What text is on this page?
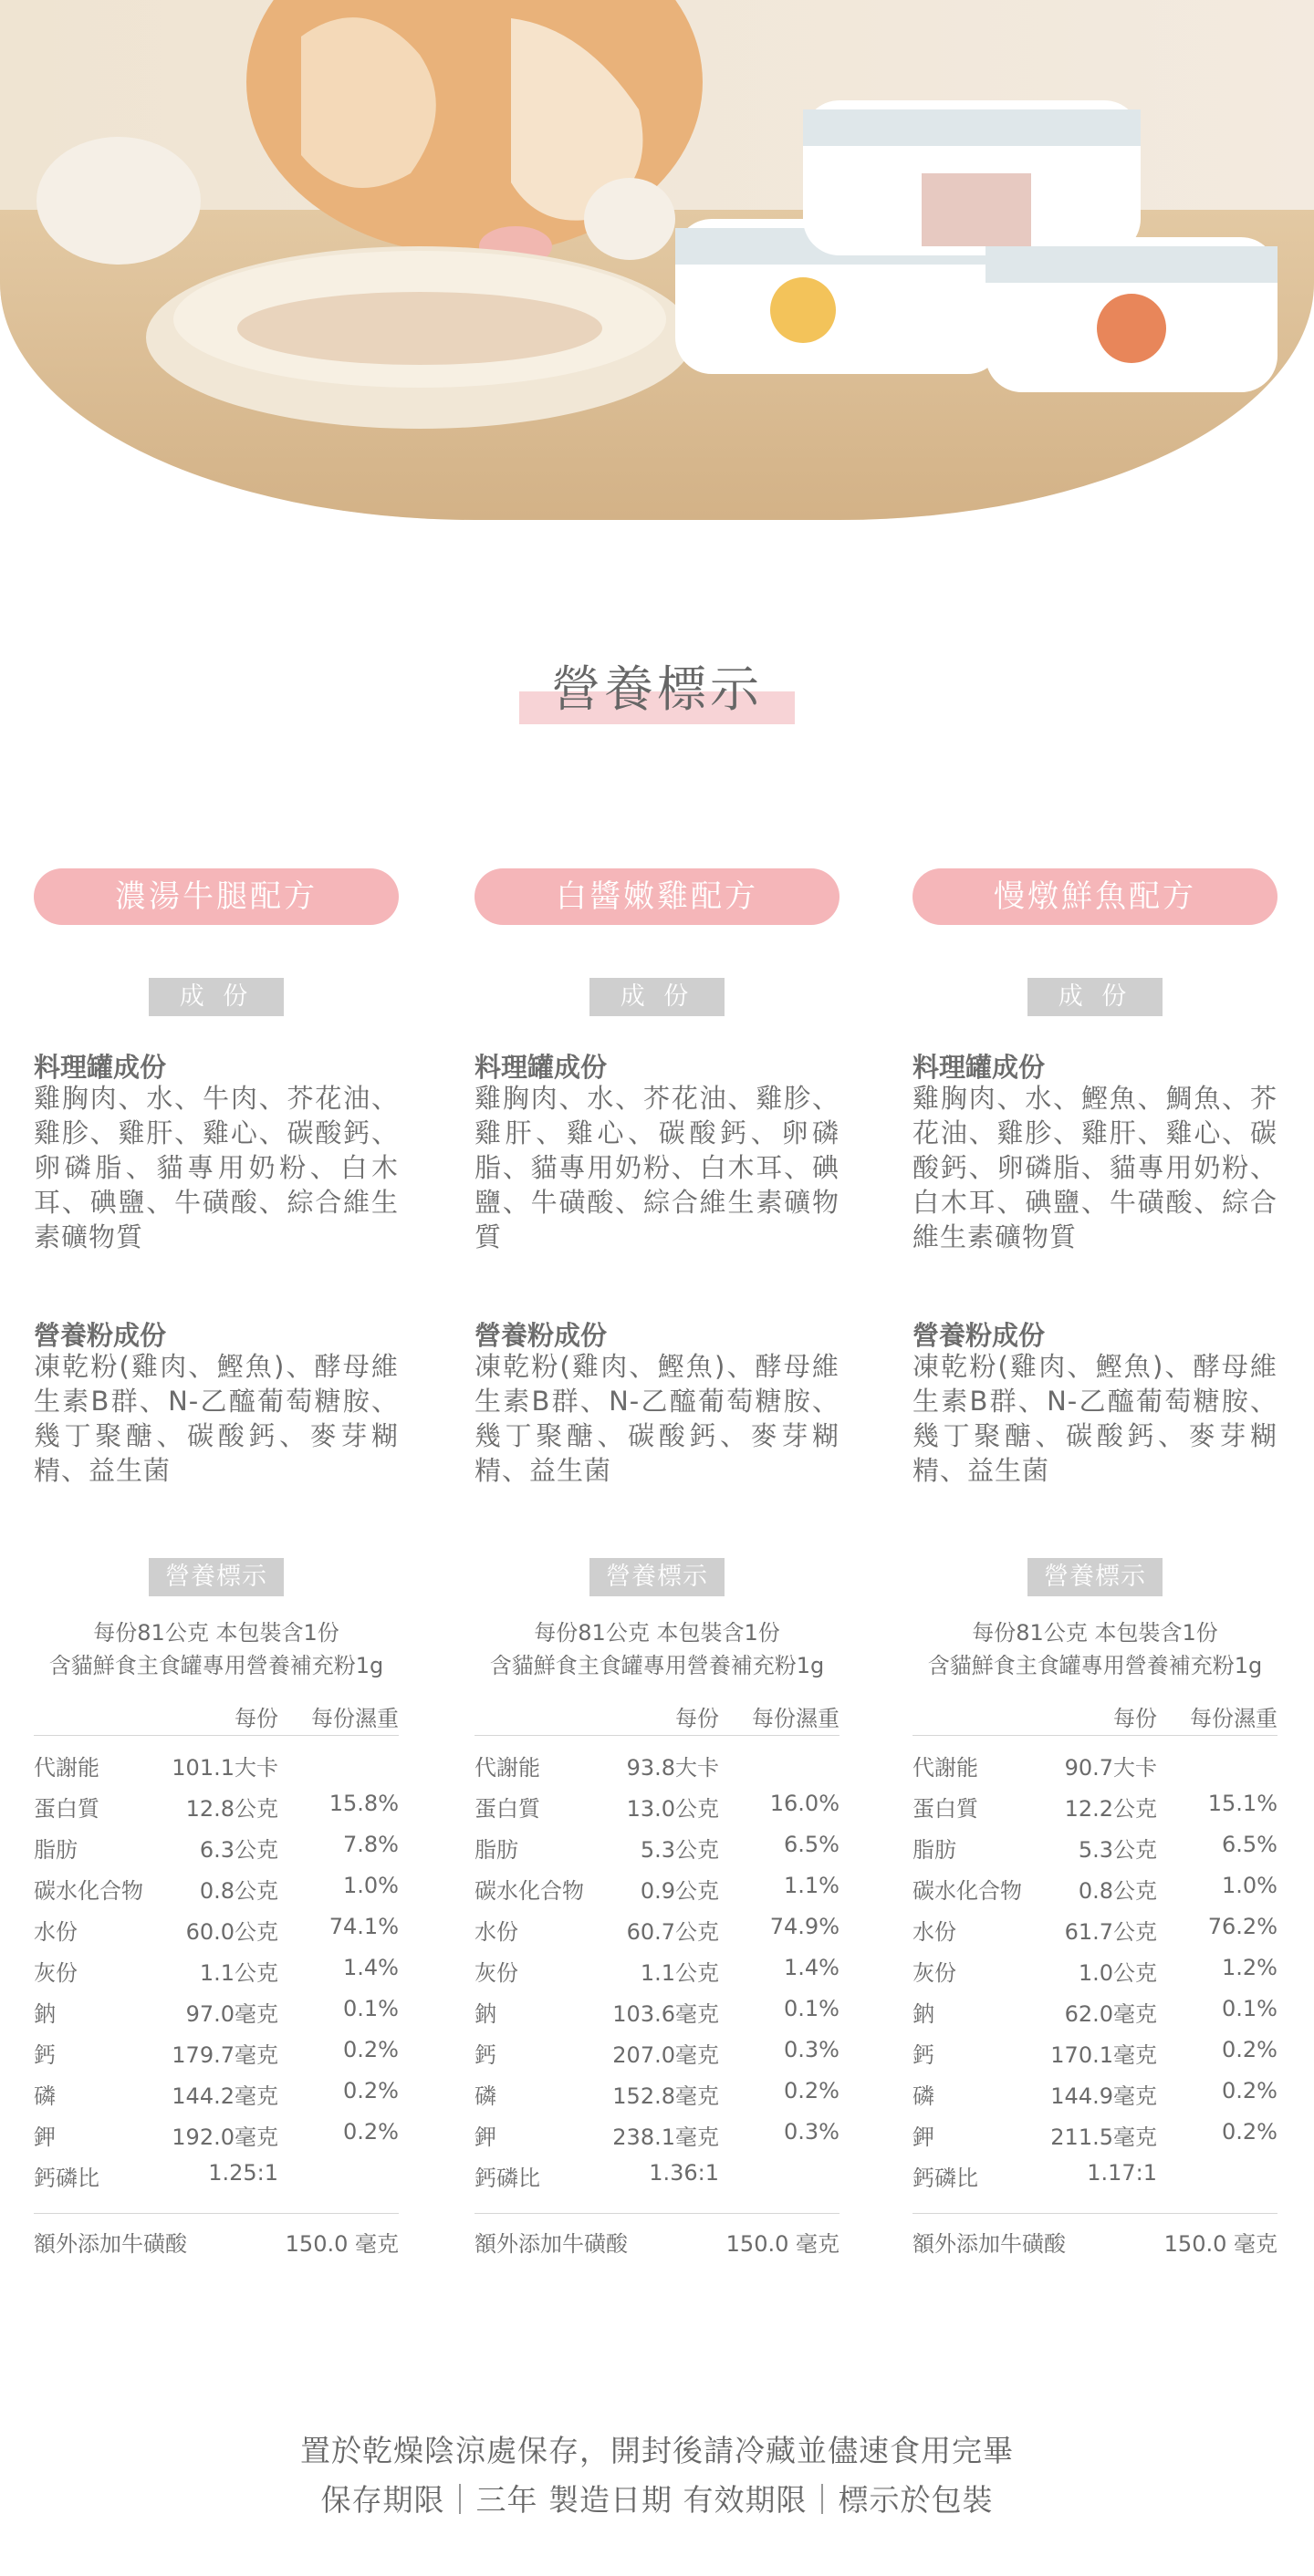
營養標示
濃湯牛腿配方
成 份
料理罐成份
雞胸肉、水、牛肉、芥花油、雞胗、雞肝、雞心、碳酸鈣、卵磷脂、貓專用奶粉、白木耳、碘鹽、牛磺酸、綜合維生素礦物質
營養粉成份
凍乾粉(雞肉、鰹魚)、酵母維生素B群、N-乙醯葡萄糖胺、幾丁聚醣、碳酸鈣、麥芽糊精、益生菌
營養標示
每份81公克 本包裝含1份
含貓鮮食主食罐專用營養補充粉1g
每份 每份濕重
代謝能	101.1大卡
蛋白質	12.8公克 15.8%
脂肪	6.3公克	7.8%
碳水化合物	0.8公克	1.0%
水份	60.0公克 74.1%
灰份	1.1公克	1.4%
鈉	97.0毫克	0.1%
鈣	179.7毫克	0.2%
磷	144.2毫克	0.2%
鉀	192.0毫克	0.2%
鈣磷比	1.25:1
額外添加牛磺酸	150.0 毫克
白醬嫩雞配方
成 份
料理罐成份
雞胸肉、水、芥花油、雞胗、雞肝、雞心、碳酸鈣、卵磷脂、貓專用奶粉、白木耳、碘鹽、牛磺酸、綜合維生素礦物質
營養粉成份
凍乾粉(雞肉、鰹魚)、酵母維生素B群、N-乙醯葡萄糖胺、幾丁聚醣、碳酸鈣、麥芽糊精、益生菌
營養標示
每份81公克 本包裝含1份
含貓鮮食主食罐專用營養補充粉1g
每份 每份濕重
代謝能	93.8大卡
蛋白質	13.0公克 16.0%
脂肪	5.3公克	6.5%
碳水化合物	0.9公克	1.1%
水份	60.7公克 74.9%
灰份	1.1公克	1.4%
鈉	103.6毫克	0.1%
鈣	207.0毫克	0.3%
磷	152.8毫克	0.2%
鉀	238.1毫克	0.3%
鈣磷比	1.36:1
額外添加牛磺酸	150.0 毫克
慢燉鮮魚配方
成 份
料理罐成份
雞胸肉、水、鰹魚、鯛魚、芥花油、雞胗、雞肝、雞心、碳酸鈣、卵磷脂、貓專用奶粉、白木耳、碘鹽、牛磺酸、綜合維生素礦物質
營養粉成份
凍乾粉(雞肉、鰹魚)、酵母維生素B群、N-乙醯葡萄糖胺、幾丁聚醣、碳酸鈣、麥芽糊精、益生菌
營養標示
每份81公克 本包裝含1份
含貓鮮食主食罐專用營養補充粉1g
每份 每份濕重
代謝能	90.7大卡
蛋白質	12.2公克 15.1%
脂肪	5.3公克	6.5%
碳水化合物	0.8公克	1.0%
水份	61.7公克 76.2%
灰份	1.0公克	1.2%
鈉	62.0毫克	0.1%
鈣	170.1毫克	0.2%
磷	144.9毫克	0.2%
鉀	211.5毫克	0.2%
鈣磷比	1.17:1
額外添加牛磺酸	150.0 毫克
置於乾燥陰涼處保存，開封後請冷藏並儘速食用完畢
保存期限｜三年 製造日期 有效期限｜標示於包裝
